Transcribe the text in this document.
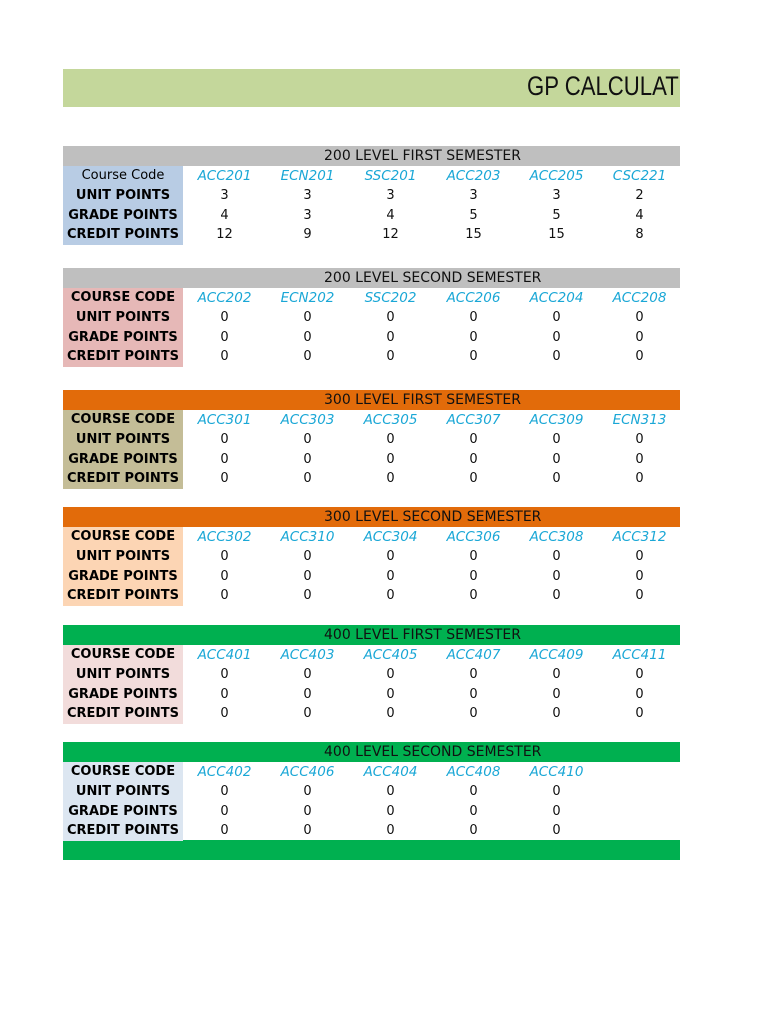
GP CALCULAT
200 LEVEL FIRST SEMESTER
Course Code	ACC201	ECN201	SSC201	ACC203	ACC205	CSC221
UNIT POINTS	3	3	3	3	3	2
GRADE POINTS	4	3	4	5	5	4
CREDIT POINTS	12	9	12	15	15	8
200 LEVEL SECOND SEMESTER
COURSE CODE	ACC202	ECN202	SSC202	ACC206	ACC204	ACC208
UNIT POINTS	0	0	0	0	0	0
GRADE POINTS	0	0	0	0	0	0
CREDIT POINTS	0	0	0	0	0	0
300 LEVEL FIRST SEMESTER
COURSE CODE	ACC301	ACC303	ACC305	ACC307	ACC309	ECN313
UNIT POINTS	0	0	0	0	0	0
GRADE POINTS	0	0	0	0	0	0
CREDIT POINTS	0	0	0	0	0	0
300 LEVEL SECOND SEMESTER
COURSE CODE	ACC302	ACC310	ACC304	ACC306	ACC308	ACC312
UNIT POINTS	0	0	0	0	0	0
GRADE POINTS	0	0	0	0	0	0
CREDIT POINTS	0	0	0	0	0	0
400 LEVEL FIRST SEMESTER
COURSE CODE	ACC401	ACC403	ACC405	ACC407	ACC409	ACC411
UNIT POINTS	0	0	0	0	0	0
GRADE POINTS	0	0	0	0	0	0
CREDIT POINTS	0	0	0	0	0	0
400 LEVEL SECOND SEMESTER
COURSE CODE	ACC402	ACC406	ACC404	ACC408	ACC410
UNIT POINTS	0	0	0	0	0
GRADE POINTS	0	0	0	0	0
CREDIT POINTS	0	0	0	0	0
